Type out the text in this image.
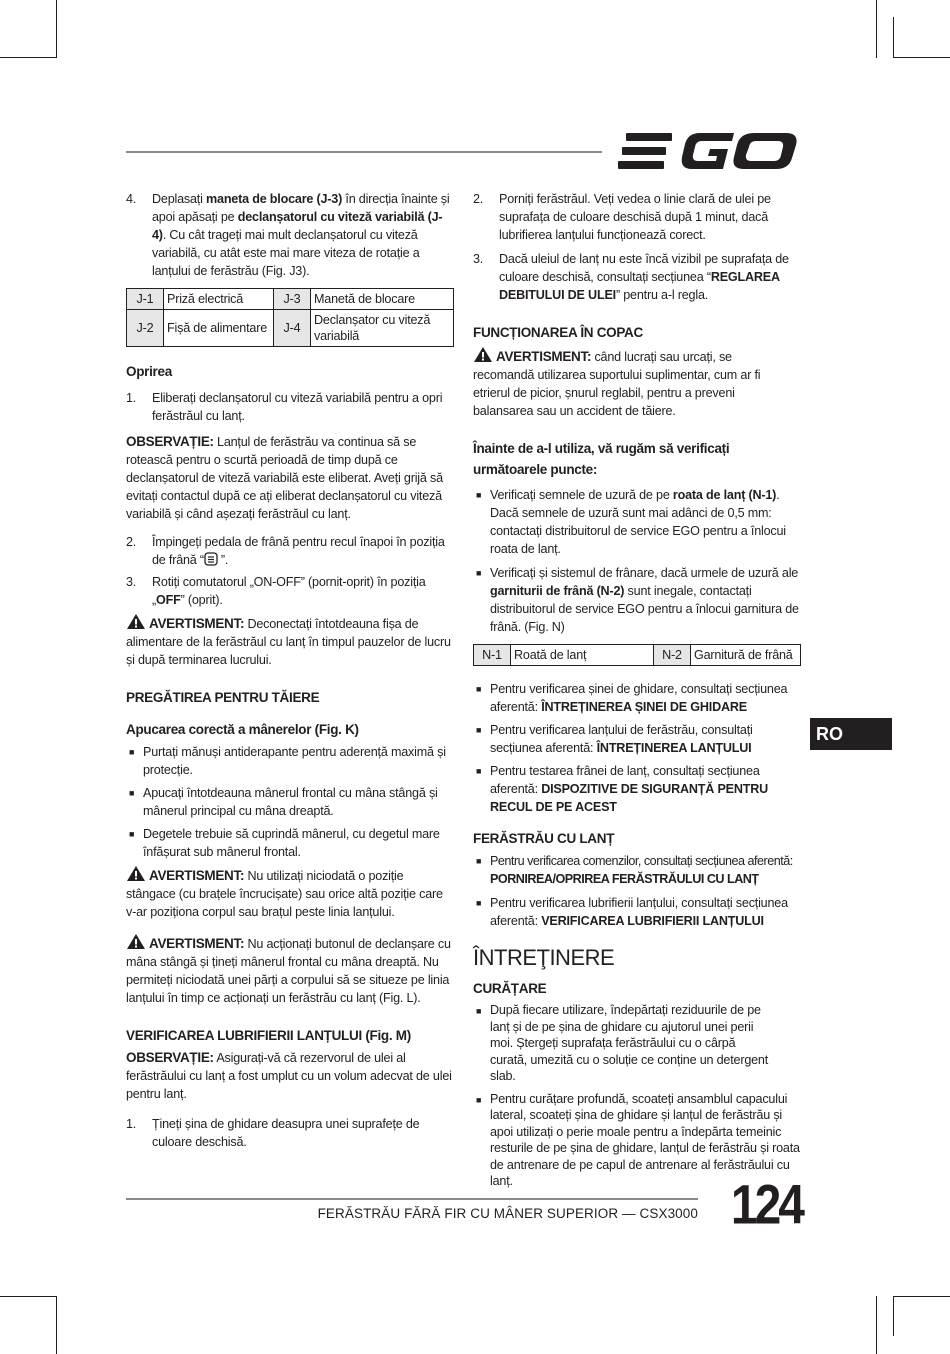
4.	Deplasați maneta de blocare (J-3) în direcția înainte și apoi apăsați pe declanșatorul cu viteză variabilă (J-4). Cu cât trageți mai mult declanșatorul cu viteză variabilă, cu atât este mai mare viteza de rotație a lanțului de ferăstrău (Fig. J3).
J-1	Priză electrică	J-3	Manetă de blocare
J-2	Fișă de alimentare	J-4	Declanșator cu viteză variabilă

Oprirea

1.	Eliberați declanșatorul cu viteză variabilă pentru a opri ferăstrăul cu lanț.

OBSERVAȚIE: Lanțul de ferăstrău va continua să se rotească pentru o scurtă perioadă de timp după ce declanșatorul de viteză variabilă este eliberat. Aveți grijă să evitați contactul după ce ați eliberat declanșatorul cu viteză variabilă și când așezați ferăstrăul cu lanț.

2.	Împingeți pedala de frână pentru recul înapoi în poziția de frână “ ”.
3.	Rotiți comutatorul „ON-OFF” (pornit-oprit) în poziția „OFF” (oprit).

AVERTISMENT: Deconectați întotdeauna fișa de alimentare de la ferăstrăul cu lanț în timpul pauzelor de lucru și după terminarea lucrului.

PREGĂTIREA PENTRU TĂIERE

Apucarea corectă a mânerelor (Fig. K)

■ Purtați mănuși antiderapante pentru aderență maximă și protecție.
■ Apucați întotdeauna mânerul frontal cu mâna stângă și mânerul principal cu mâna dreaptă.
■ Degetele trebuie să cuprindă mânerul, cu degetul mare înfășurat sub mânerul frontal.

AVERTISMENT: Nu utilizați niciodată o poziție stângace (cu brațele încrucișate) sau orice altă poziție care v-ar poziționa corpul sau brațul peste linia lanțului.

AVERTISMENT: Nu acționați butonul de declanșare cu mâna stângă și țineți mânerul frontal cu mâna dreaptă. Nu permiteți niciodată unei părți a corpului să se situeze pe linia lanțului în timp ce acționați un ferăstrău cu lanț (Fig. L).

VERIFICAREA LUBRIFIERII LANȚULUI (Fig. M)

OBSERVAȚIE: Asigurați-vă că rezervorul de ulei al ferăstrăului cu lanț a fost umplut cu un volum adecvat de ulei pentru lanț.

1.	Țineți șina de ghidare deasupra unei suprafețe de culoare deschisă.
2.	Porniți ferăstrăul. Veți vedea o linie clară de ulei pe suprafața de culoare deschisă după 1 minut, dacă lubrifierea lanțului funcționează corect.
3.	Dacă uleiul de lanț nu este încă vizibil pe suprafața de culoare deschisă, consultați secțiunea “REGLAREA DEBITULUI DE ULEI” pentru a-l regla.

FUNCȚIONAREA ÎN COPAC

AVERTISMENT: când lucrați sau urcați, se recomandă utilizarea suportului suplimentar, cum ar fi etrierul de picior, șnurul reglabil, pentru a preveni balansarea sau un accident de tăiere.

Înainte de a-l utiliza, vă rugăm să verificați următoarele puncte:

■ Verificați semnele de uzură de pe roata de lanț (N-1). Dacă semnele de uzură sunt mai adânci de 0,5 mm: contactați distribuitorul de service EGO pentru a înlocui roata de lanț.
■ Verificați și sistemul de frânare, dacă urmele de uzură ale garniturii de frână (N-2) sunt inegale, contactați distribuitorul de service EGO pentru a înlocui garnitura de frână. (Fig. N)
N-1	Roată de lanț	N-2	Garnitură de frână
■ Pentru verificarea șinei de ghidare, consultați secțiunea aferentă: ÎNTREȚINEREA ȘINEI DE GHIDARE
■ Pentru verificarea lanțului de ferăstrău, consultați secțiunea aferentă: ÎNTREȚINEREA LANȚULUI
■ Pentru testarea frânei de lanț, consultați secțiunea aferentă: DISPOZITIVE DE SIGURANȚĂ PENTRU RECUL DE PE ACEST

FERĂSTRĂU CU LANȚ

■ Pentru verificarea comenzilor, consultați secțiunea aferentă: PORNIREA/OPRIREA FERĂSTRĂULUI CU LANȚ
■ Pentru verificarea lubrifierii lanțului, consultați secțiunea aferentă: VERIFICAREA LUBRIFIERII LANȚULUI

ÎNTREŢINERE

CURĂȚARE

■ După fiecare utilizare, îndepărtați reziduurile de pe lanț și de pe șina de ghidare cu ajutorul unei perii moi. Ștergeți suprafața ferăstrăului cu o cârpă curată, umezită cu o soluție ce conține un detergent slab.
■ Pentru curățare profundă, scoateți ansamblul capacului lateral, scoateți șina de ghidare și lanțul de ferăstrău și apoi utilizați o perie moale pentru a îndepărta temeinic resturile de pe șina de ghidare, lanțul de ferăstrău și roata de antrenare de pe capul de antrenare al ferăstrăului cu lanț.
RO
FERĂSTRĂU FĂRĂ FIR CU MÂNER SUPERIOR — CSX3000 124
